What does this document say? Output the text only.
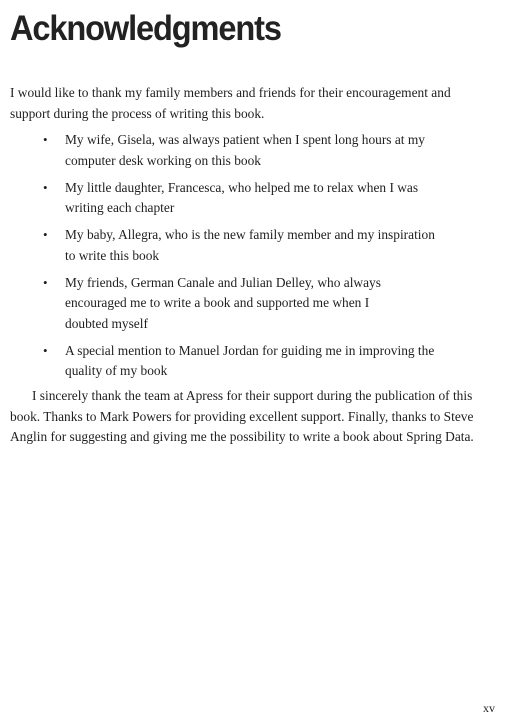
Acknowledgments

I would like to thank my family members and friends for their encouragement and support during the process of writing this book.

• My wife, Gisela, was always patient when I spent long hours at my computer desk working on this book
• My little daughter, Francesca, who helped me to relax when I was writing each chapter
• My baby, Allegra, who is the new family member and my inspiration to write this book
• My friends, German Canale and Julian Delley, who always encouraged me to write a book and supported me when I doubted myself
• A special mention to Manuel Jordan for guiding me in improving the quality of my book

I sincerely thank the team at Apress for their support during the publication of this book. Thanks to Mark Powers for providing excellent support. Finally, thanks to Steve Anglin for suggesting and giving me the possibility to write a book about Spring Data.

xv
